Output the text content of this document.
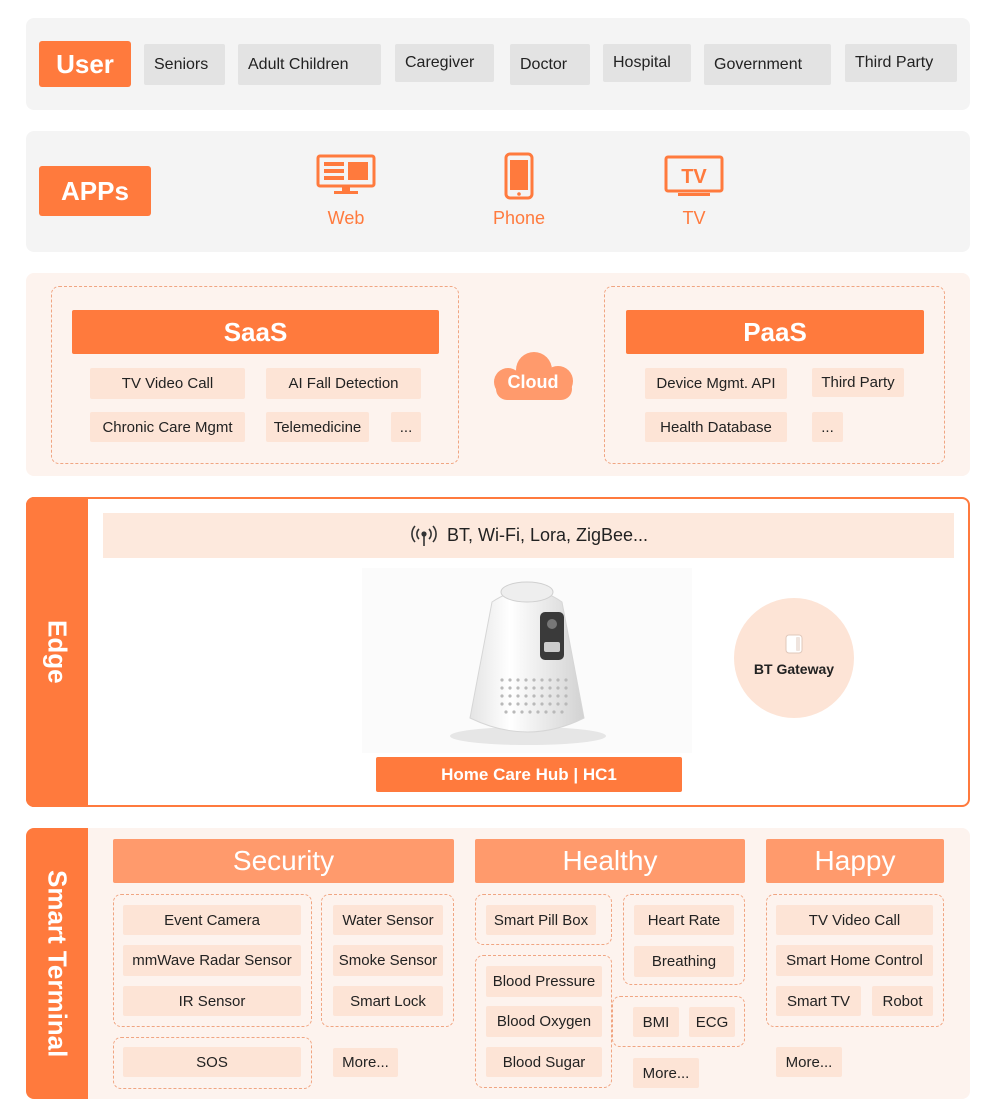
User	Seniors	Adult Children	Caregiver	Doctor	Hospital	Government	Third Party
APPs
Web	Phone
TV
TV
SaaS
TV Video Call	AI Fall Detection
Chronic Care Mgmt	Telemedicine	...
Cloud
PaaS
Device Mgmt. API	Third Party
Health Database	...
Edge
BT, Wi-Fi, Lora, ZigBee...
Home Care Hub | HC1
BT Gateway
Smart Terminal
Security
Event Camera
mmWave Radar Sensor
IR Sensor
Water Sensor
Smoke Sensor
Smart Lock
SOS	More...
Healthy
Smart Pill Box	Heart Rate
Breathing
Blood Pressure
Blood Oxygen
Blood Sugar
BMI	ECG
More...
Happy
TV Video Call
Smart Home Control
Smart TV	Robot
More...
